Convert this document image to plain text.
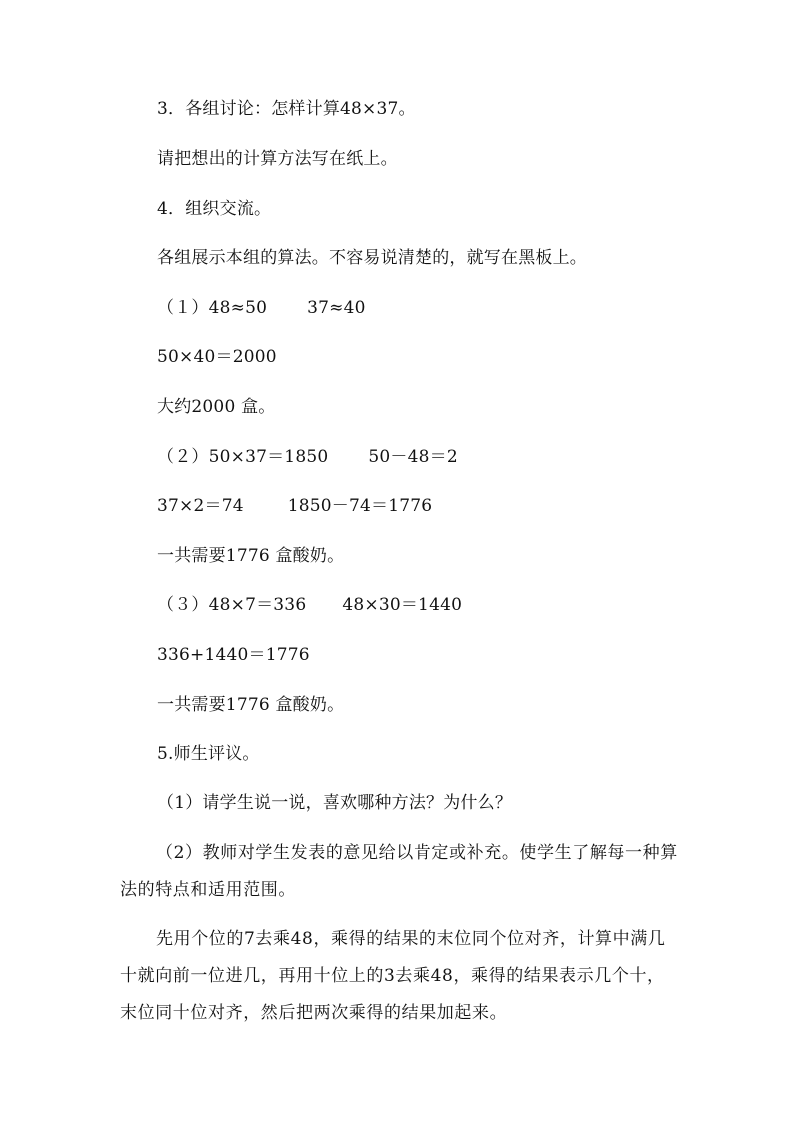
3．各组讨论：怎样计算48×37。
请把想出的计算方法写在纸上。
4．组织交流。
各组展示本组的算法。不容易说清楚的，就写在黑板上。
（１）48≈50 37≈40
50×40＝2000
大约2000 盒。
（２）50×37＝1850 50－48＝2
37×2＝74	1850－74＝1776
一共需要1776 盒酸奶。
（３）48×7＝336 48×30＝1440
336+1440＝1776
一共需要1776 盒酸奶。
5.师生评议。
（1）请学生说一说，喜欢哪种方法？为什么？

（2）教师对学生发表的意见给以肯定或补充。使学生了解每一种算法的特点和适用范围。

先用个位的7去乘48，乘得的结果的末位同个位对齐，计算中满几十就向前一位进几，再用十位上的3去乘48，乘得的结果表示几个十，末位同十位对齐，然后把两次乘得的结果加起来。
